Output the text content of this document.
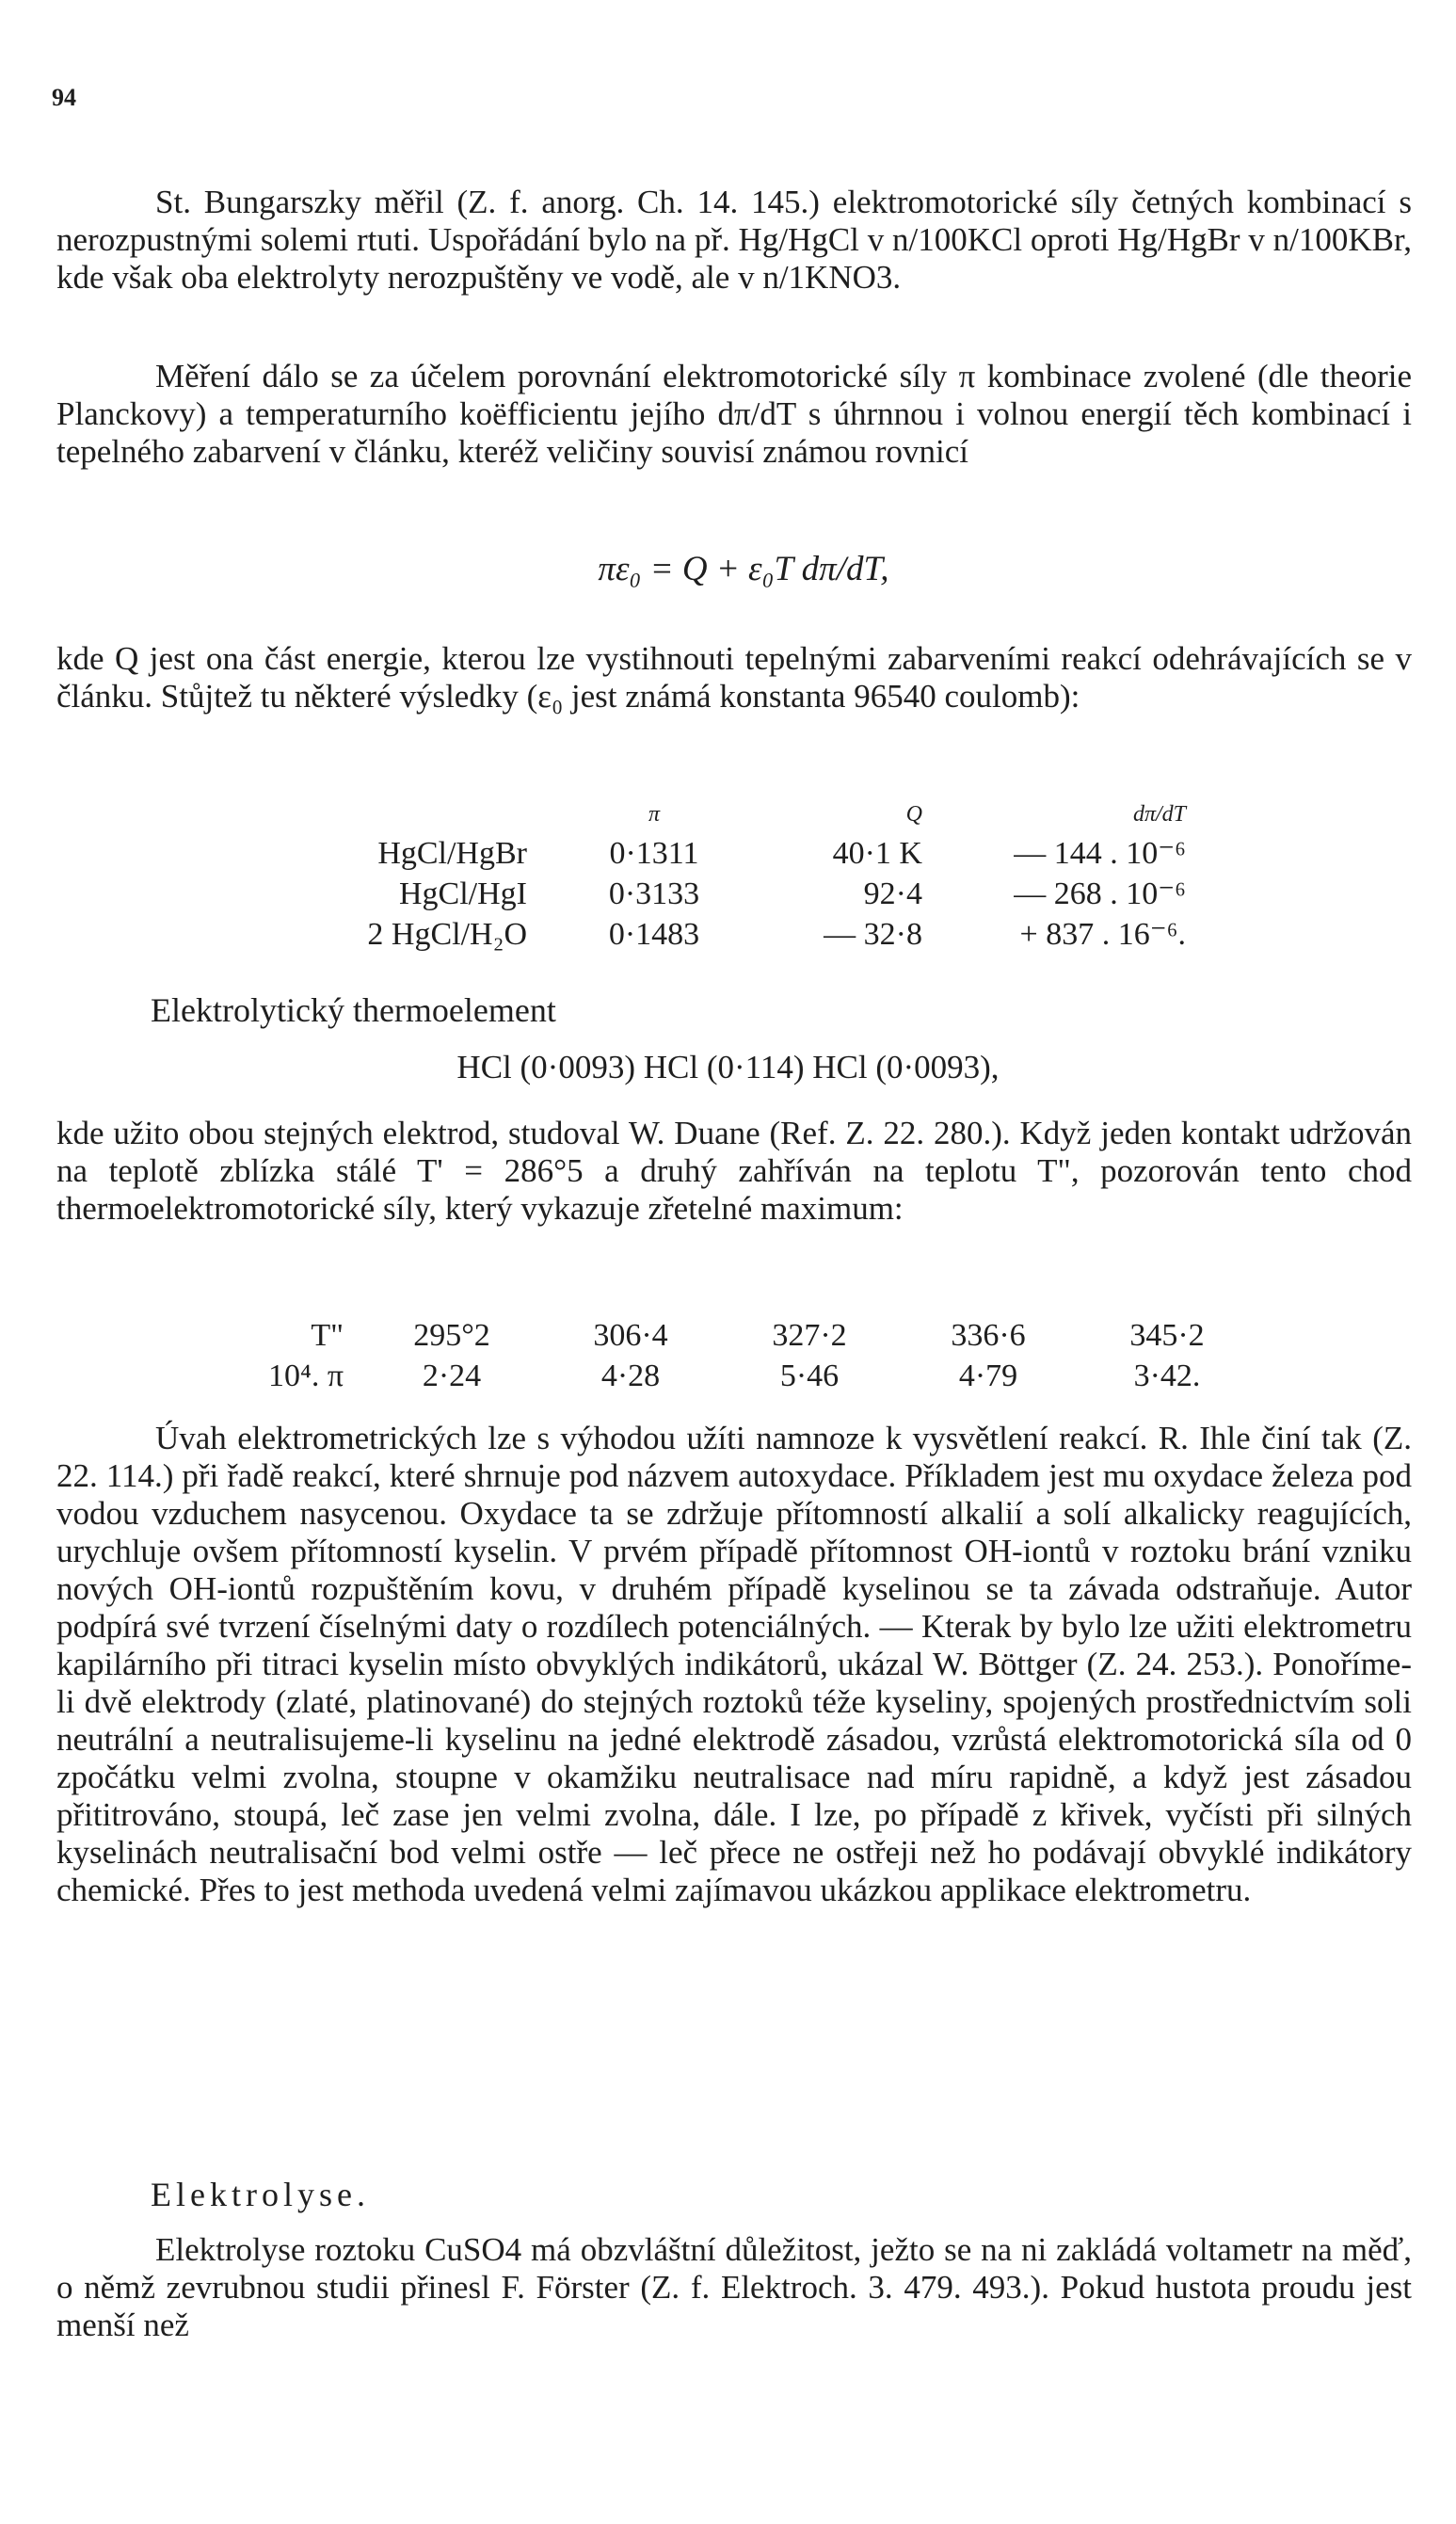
94

St. Bungarszky měřil (Z. f. anorg. Ch. 14. 145.) elektromotorické síly četných kombinací s nerozpustnými solemi rtuti. Uspořádání bylo na př. Hg/HgCl v n/100KCl oproti Hg/HgBr v n/100KBr, kde však oba elektrolyty nerozpuštěny ve vodě, ale v n/1KNO3.

Měření dálo se za účelem porovnání elektromotorické síly π kombinace zvolené (dle theorie Planckovy) a temperaturního koëfficientu jejího dπ/dT s úhrnnou i volnou energií těch kombinací i tepelného zabarvení v článku, kteréž veličiny souvisí známou rovnicí

πε₀ = Q + ε₀T dπ/dT,

kde Q jest ona část energie, kterou lze vystihnouti tepelnými zabarveními reakcí odehrávajících se v článku. Stůjtež tu některé výsledky (ε₀ jest známá konstanta 96540 coulomb):

	π	Q	dπ/dT
HgCl/HgBr	0·1311	40·1 K	— 144 . 10⁻⁶
HgCl/HgI	0·3133	92·4	— 268 . 10⁻⁶
2 HgCl/H₂O	0·1483	— 32·8	+ 837 . 16⁻⁶.
Elektrolytický thermoelement
HCl (0·0093) HCl (0·114) HCl (0·0093),

kde užito obou stejných elektrod, studoval W. Duane (Ref. Z. 22. 280.). Když jeden kontakt udržován na teplotě zblízka stálé T' = 286°5 a druhý zahříván na teplotu T", pozorován tento chod thermoelektromotorické síly, který vykazuje zřetelné maximum:

T"	295°2	306·4	327·2	336·6	345·2
10⁴. π	2·24	4·28	5·46	4·79	3·42.

Úvah elektrometrických lze s výhodou užíti namnoze k vysvětlení reakcí. R. Ihle činí tak (Z. 22. 114.) při řadě reakcí, které shrnuje pod názvem autoxydace. Příkladem jest mu oxydace železa pod vodou vzduchem nasycenou. Oxydace ta se zdržuje přítomností alkalií a solí alkalicky reagujících, urychluje ovšem přítomností kyselin. V prvém případě přítomnost OH-iontů v roztoku brání vzniku nových OH-iontů rozpuštěním kovu, v druhém případě kyselinou se ta závada odstraňuje. Autor podpírá své tvrzení číselnými daty o rozdílech potenciálných. — Kterak by bylo lze užiti elektrometru kapilárního při titraci kyselin místo obvyklých indikátorů, ukázal W. Böttger (Z. 24. 253.). Ponoříme-li dvě elektrody (zlaté, platinované) do stejných roztoků téže kyseliny, spojených prostřednictvím soli neutrální a neutralisujeme-li kyselinu na jedné elektrodě zásadou, vzrůstá elektromotorická síla od 0 zpočátku velmi zvolna, stoupne v okamžiku neutralisace nad míru rapidně, a když jest zásadou přititrováno, stoupá, leč zase jen velmi zvolna, dále. I lze, po případě z křivek, vyčísti při silných kyselinách neutralisační bod velmi ostře — leč přece ne ostřeji než ho podávají obvyklé indikátory chemické. Přes to jest methoda uvedená velmi zajímavou ukázkou applikace elektrometru.

Elektrolyse.

Elektrolyse roztoku CuSO4 má obzvláštní důležitost, ježto se na ni zakládá voltametr na měď, o němž zevrubnou studii přinesl F. Förster (Z. f. Elektroch. 3. 479. 493.). Pokud hustota proudu jest menší než
